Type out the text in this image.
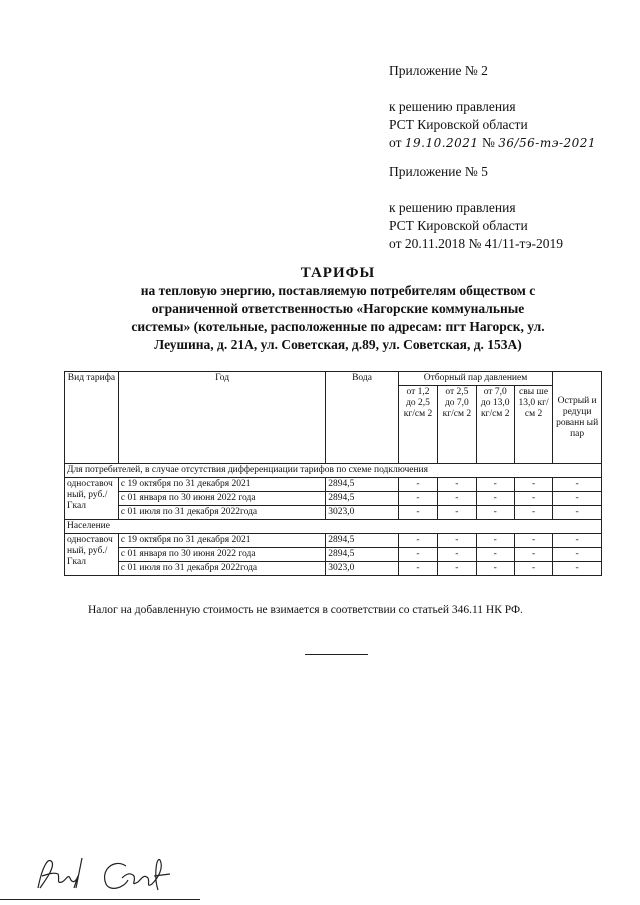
Приложение № 2
к решению правления
РСТ Кировской области
от 19.10.2021 № 36/56-тэ-2021
Приложение № 5
к решению правления
РСТ Кировской области
от 20.11.2018 № 41/11-тэ-2019
ТАРИФЫ
на тепловую энергию, поставляемую потребителям обществом с
ограниченной ответственностью «Нагорские коммунальные
системы» (котельные, расположенные по адресам: пгт Нагорск, ул.
Леушина, д. 21А, ул. Советская, д.89, ул. Советская, д. 153А)
Вид тарифа	Год	Вода	Отборный пар давлением				Острый и редуци рованн ый пар
			от 1,2 до 2,5 кг/см 2	от 2,5 до 7,0 кг/см 2	от 7,0 до 13,0 кг/см 2	свы ше 13,0 кг/см 2	
Для потребителей, в случае отсутствия дифференциации тарифов по схеме подключения							
одноставоч ный, руб./Гкал	с 19 октября по 31 декабря 2021	2894,5	-	-	-	-	-
	с 01 января по 30 июня 2022 года	2894,5	-	-	-	-	-
	с 01 июля по 31 декабря 2022года	3023,0	-	-	-	-	-
Население							
одноставоч ный, руб./Гкал	с 19 октября по 31 декабря 2021	2894,5	-	-	-	-	-
	с 01 января по 30 июня 2022 года	2894,5	-	-	-	-	-
	с 01 июля по 31 декабря 2022года	3023,0	-	-	-	-	-
Налог на добавленную стоимость не взимается в соответствии со статьей 346.11 НК РФ.
